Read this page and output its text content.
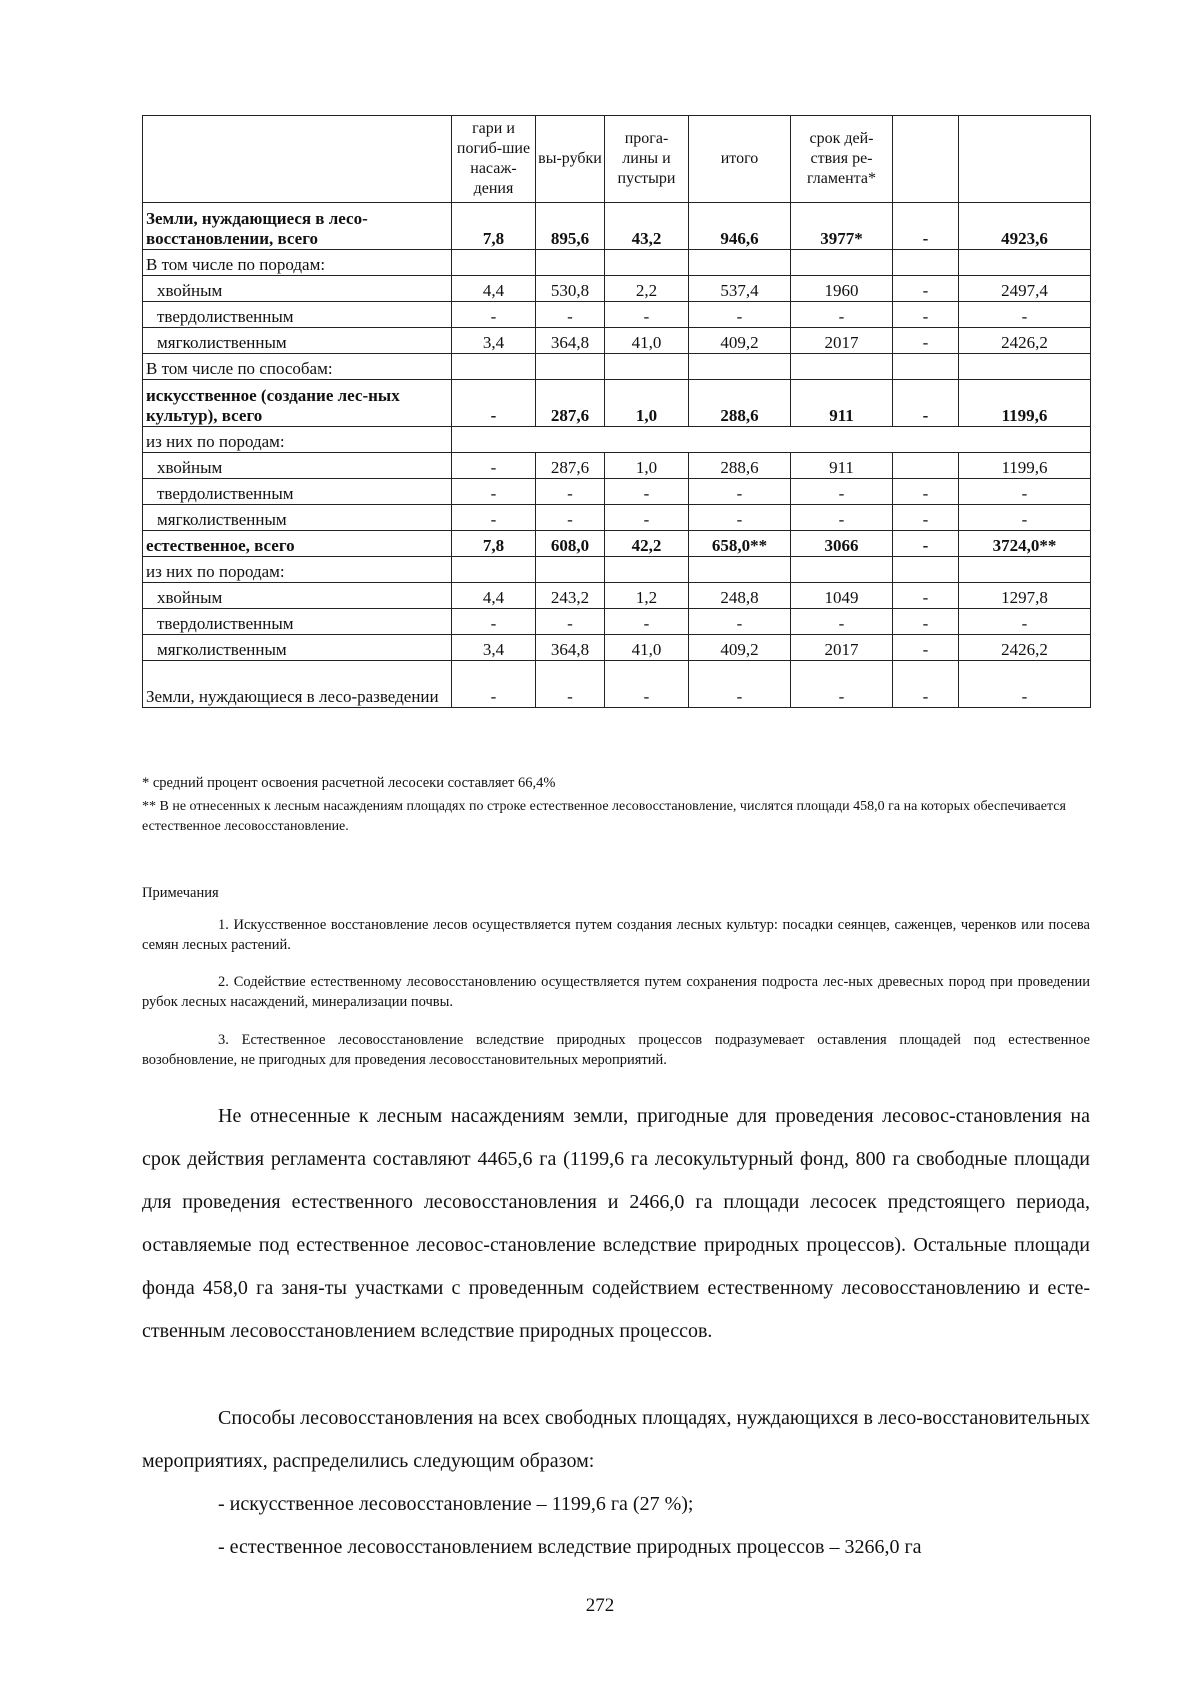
	гари и погиб-шие насаж-дения	вы-рубки	прога-лины и пустыри	итого	срок дей-ствия ре-гламента*		
Земли, нуждающиеся в лесо-восстановлении, всего	7,8	895,6	43,2	946,6	3977*	-	4923,6
В том числе по породам:							
хвойным	4,4	530,8	2,2	537,4	1960	-	2497,4
твердолиственным	-	-	-	-	-	-	-
мягколиственным	3,4	364,8	41,0	409,2	2017	-	2426,2
В том числе по способам:							
искусственное (создание лес-ных культур), всего	-	287,6	1,0	288,6	911	-	1199,6
из них по породам:							
хвойным	-	287,6	1,0	288,6	911		1199,6
твердолиственным	-	-	-	-	-	-	-
мягколиственным	-	-	-	-	-	-	-
естественное, всего	7,8	608,0	42,2	658,0**	3066	-	3724,0**
из них по породам:							
хвойным	4,4	243,2	1,2	248,8	1049	-	1297,8
твердолиственным	-	-	-	-	-	-	-
мягколиственным	3,4	364,8	41,0	409,2	2017	-	2426,2
Земли, нуждающиеся в лесо-разведении	-	-	-	-	-	-	-
* средний процент освоения расчетной лесосеки составляет 66,4%
** В не отнесенных к лесным насаждениям площадях по строке естественное лесовосстановление, числятся площади 458,0 га на которых обеспечивается естественное лесовосстановление.
Примечания
1. Искусственное восстановление лесов осуществляется путем создания лесных культур: посадки сеянцев, саженцев, черенков или посева семян лесных растений.
2. Содействие естественному лесовосстановлению осуществляется путем сохранения подроста лес-ных древесных пород при проведении рубок лесных насаждений, минерализации почвы.
3. Естественное лесовосстановление вследствие природных процессов подразумевает оставления площадей под естественное возобновление, не пригодных для проведения лесовосстановительных мероприятий.
Не отнесенные к лесным насаждениям земли, пригодные для проведения лесовос-становления на срок действия регламента составляют 4465,6 га (1199,6 га лесокультурный фонд, 800 га свободные площади для проведения естественного лесовосстановления и 2466,0 га площади лесосек предстоящего периода, оставляемые под естественное лесовос-становление вследствие природных процессов). Остальные площади фонда 458,0 га заня-ты участками с проведенным содействием естественному лесовосстановлению и есте-ственным лесовосстановлением вследствие природных процессов.
Способы лесовосстановления на всех свободных площадях, нуждающихся в лесо-восстановительных мероприятиях, распределились следующим образом:
- искусственное лесовосстановление – 1199,6 га (27 %);
- естественное лесовосстановлением вследствие природных процессов – 3266,0 га
272
